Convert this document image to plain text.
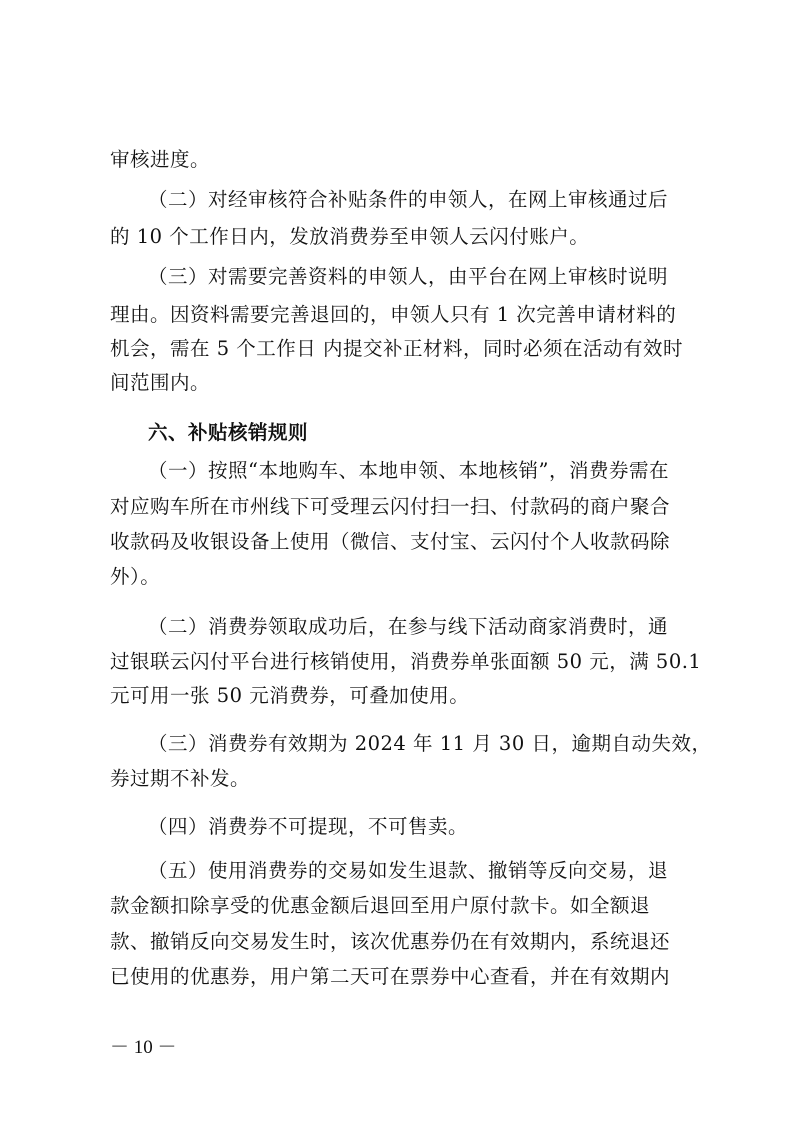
审核进度。
（二）对经审核符合补贴条件的申领人，在网上审核通过后
的 10 个工作日内，发放消费券至申领人云闪付账户。
（三）对需要完善资料的申领人，由平台在网上审核时说明
理由。因资料需要完善退回的，申领人只有 1 次完善申请材料的
机会，需在 5 个工作日 内提交补正材料，同时必须在活动有效时
间范围内。
六、补贴核销规则
（一）按照“本地购车、本地申领、本地核销”，消费券需在
对应购车所在市州线下可受理云闪付扫一扫、付款码的商户聚合
收款码及收银设备上使用（微信、支付宝、云闪付个人收款码除
外）。
（二）消费券领取成功后，在参与线下活动商家消费时，通
过银联云闪付平台进行核销使用，消费券单张面额 50 元，满 50.1
元可用一张 50 元消费券，可叠加使用。
（三）消费券有效期为 2024 年 11 月 30 日，逾期自动失效，
券过期不补发。
（四）消费券不可提现，不可售卖。
（五）使用消费券的交易如发生退款、撤销等反向交易，退
款金额扣除享受的优惠金额后退回至用户原付款卡。如全额退
款、撤销反向交易发生时，该次优惠券仍在有效期内，系统退还
已使用的优惠券，用户第二天可在票券中心查看，并在有效期内
－ 10 －
